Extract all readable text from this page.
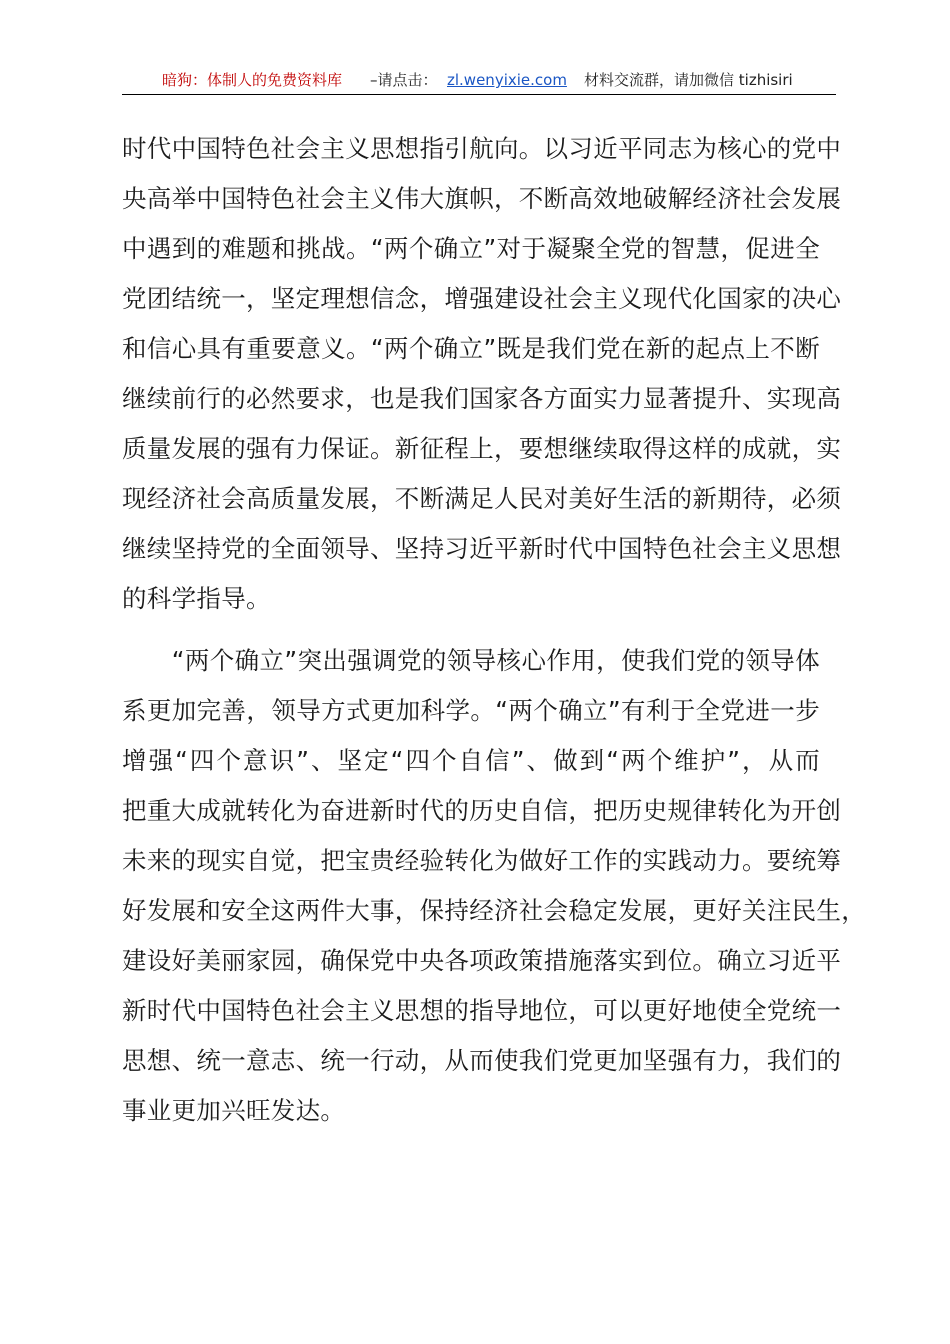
暗狗：体制人的免费资料库 –请点击： zl.wenyixie.com 材料交流群，请加微信 tizhisiri
时代中国特色社会主义思想指引航向。以习近平同志为核心的党中
央高举中国特色社会主义伟大旗帜，不断高效地破解经济社会发展
中遇到的难题和挑战。“两个确立”对于凝聚全党的智慧，促进全
党团结统一，坚定理想信念，增强建设社会主义现代化国家的决心
和信心具有重要意义。“两个确立”既是我们党在新的起点上不断
继续前行的必然要求，也是我们国家各方面实力显著提升、实现高
质量发展的强有力保证。新征程上，要想继续取得这样的成就，实
现经济社会高质量发展，不断满足人民对美好生活的新期待，必须
继续坚持党的全面领导、坚持习近平新时代中国特色社会主义思想
的科学指导。
　　“两个确立”突出强调党的领导核心作用，使我们党的领导体
系更加完善，领导方式更加科学。“两个确立”有利于全党进一步
增强“四个意识”、坚定“四个自信”、做到“两个维护”，从而
把重大成就转化为奋进新时代的历史自信，把历史规律转化为开创
未来的现实自觉，把宝贵经验转化为做好工作的实践动力。要统筹
好发展和安全这两件大事，保持经济社会稳定发展，更好关注民生，
建设好美丽家园，确保党中央各项政策措施落实到位。确立习近平
新时代中国特色社会主义思想的指导地位，可以更好地使全党统一
思想、统一意志、统一行动，从而使我们党更加坚强有力，我们的
事业更加兴旺发达。
